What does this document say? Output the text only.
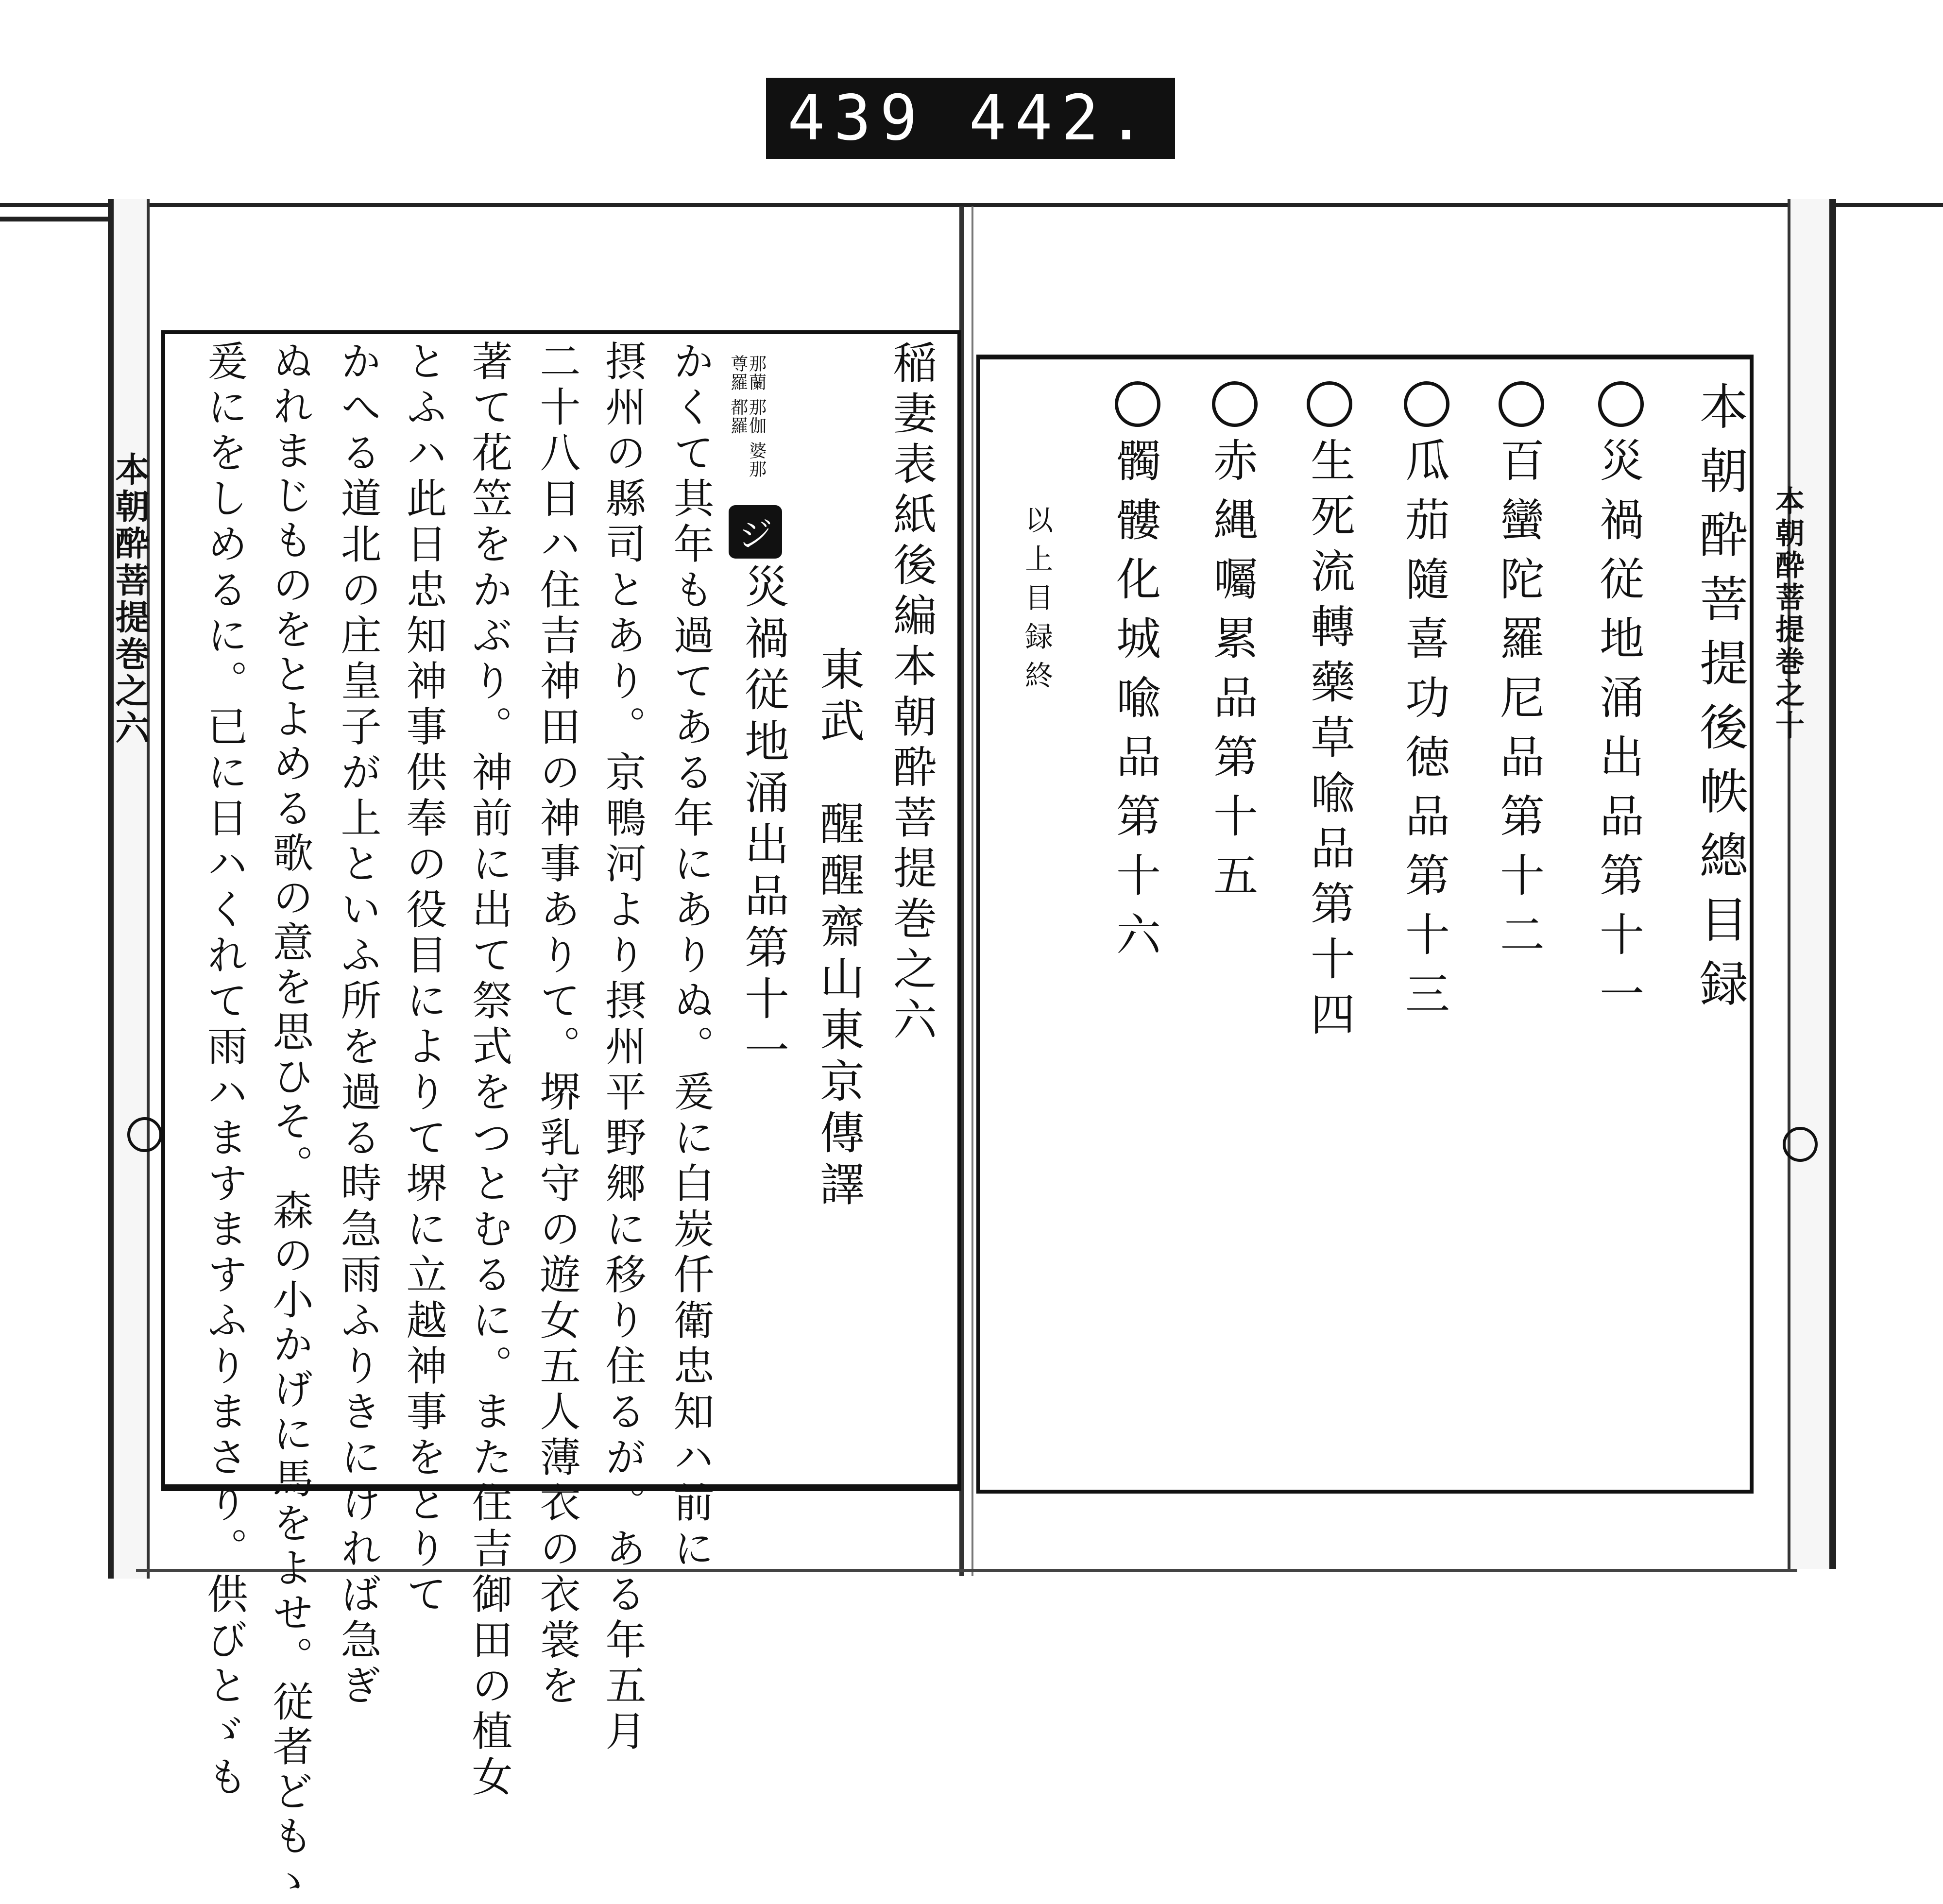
439 442.
本朝酔菩提巻之六	本朝酔菩提巻之十
稲妻表紙後編本朝酔菩提巻之六
那蘭 那伽 婆那 尊羅 都羅
ジ
災禍従地涌出品第十一 東武　醒醒齋山東京傳譯
かくて其年も過てある年にありぬ。爰に白炭仟衛忠知ハ前に
摂州の縣司とあり。京鴨河より摂州平野郷に移り住るが。ある年五月
二十八日ハ住吉神田の神事ありて。堺乳守の遊女五人薄衣の衣裳を
著て花笠をかぶり。神前に出て祭式をつとむるに。また住吉御田の植女
とふハ此日忠知神事供奉の役目によりて堺に立越神事をとりて
かへる道北の庄皇子が上といふ所を過る時急雨ふりきにければ急ぎ
ぬれまじものをとよめる歌の意を思ひそ。森の小かげに馬をよせ。従者どもゝ
爰にをしめるに。已に日ハくれて雨ハますますふりまさり。供びとゞも	本朝酔菩提後帙總目録
災禍従地涌出品第十一
百蠻陀羅尼品第十二
瓜茄隨喜功徳品第十三
生死流轉藥草喩品第十四
赤縄囑累品第十五
髑髏化城喩品第十六
以上目録終
